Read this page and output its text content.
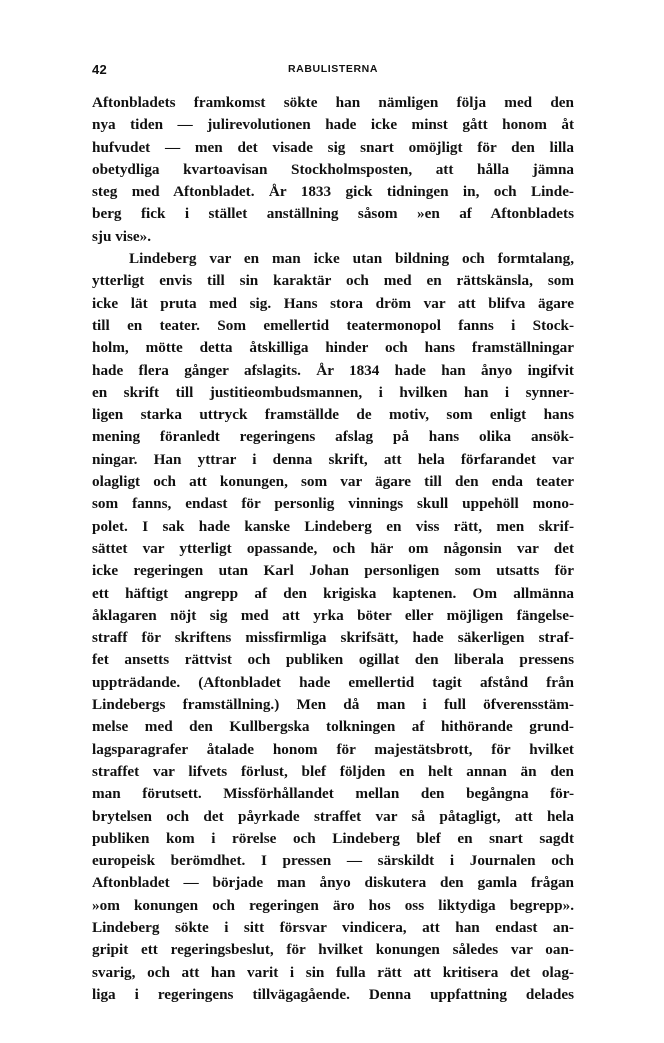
42	RABULISTERNA
Aftonbladets framkomst sökte han nämligen följa med den
nya tiden — julirevolutionen hade icke minst gått honom åt
hufvudet — men det visade sig snart omöjligt för den lilla
obetydliga kvartoavisan Stockholmsposten, att hålla jämna
steg med Aftonbladet. År 1833 gick tidningen in, och Linde-
berg fick i stället anställning såsom »en af Aftonbladets
sju vise».
Lindeberg var en man icke utan bildning och formtalang,
ytterligt envis till sin karaktär och med en rättskänsla, som
icke lät pruta med sig. Hans stora dröm var att blifva ägare
till en teater. Som emellertid teatermonopol fanns i Stock-
holm, mötte detta åtskilliga hinder och hans framställningar
hade flera gånger afslagits. År 1834 hade han ånyo ingifvit
en skrift till justitieombudsmannen, i hvilken han i synner-
ligen starka uttryck framställde de motiv, som enligt hans
mening föranledt regeringens afslag på hans olika ansök-
ningar. Han yttrar i denna skrift, att hela förfarandet var
olagligt och att konungen, som var ägare till den enda teater
som fanns, endast för personlig vinnings skull uppehöll mono-
polet. I sak hade kanske Lindeberg en viss rätt, men skrif-
sättet var ytterligt opassande, och här om någonsin var det
icke regeringen utan Karl Johan personligen som utsatts för
ett häftigt angrepp af den krigiska kaptenen. Om allmänna
åklagaren nöjt sig med att yrka böter eller möjligen fängelse-
straff för skriftens missfirmliga skrifsätt, hade säkerligen straf-
fet ansetts rättvist och publiken ogillat den liberala pressens
uppträdande. (Aftonbladet hade emellertid tagit afstånd från
Lindebergs framställning.) Men då man i full öfverensstäm-
melse med den Kullbergska tolkningen af hithörande grund-
lagsparagrafer åtalade honom för majestätsbrott, för hvilket
straffet var lifvets förlust, blef följden en helt annan än den
man förutsett. Missförhållandet mellan den begångna för-
brytelsen och det påyrkade straffet var så påtagligt, att hela
publiken kom i rörelse och Lindeberg blef en snart sagdt
europeisk berömdhet. I pressen — särskildt i Journalen och
Aftonbladet — började man ånyo diskutera den gamla frågan
»om konungen och regeringen äro hos oss liktydiga begrepp».
Lindeberg sökte i sitt försvar vindicera, att han endast an-
gripit ett regeringsbeslut, för hvilket konungen således var oan-
svarig, och att han varit i sin fulla rätt att kritisera det olag-
liga i regeringens tillvägagående. Denna uppfattning delades
